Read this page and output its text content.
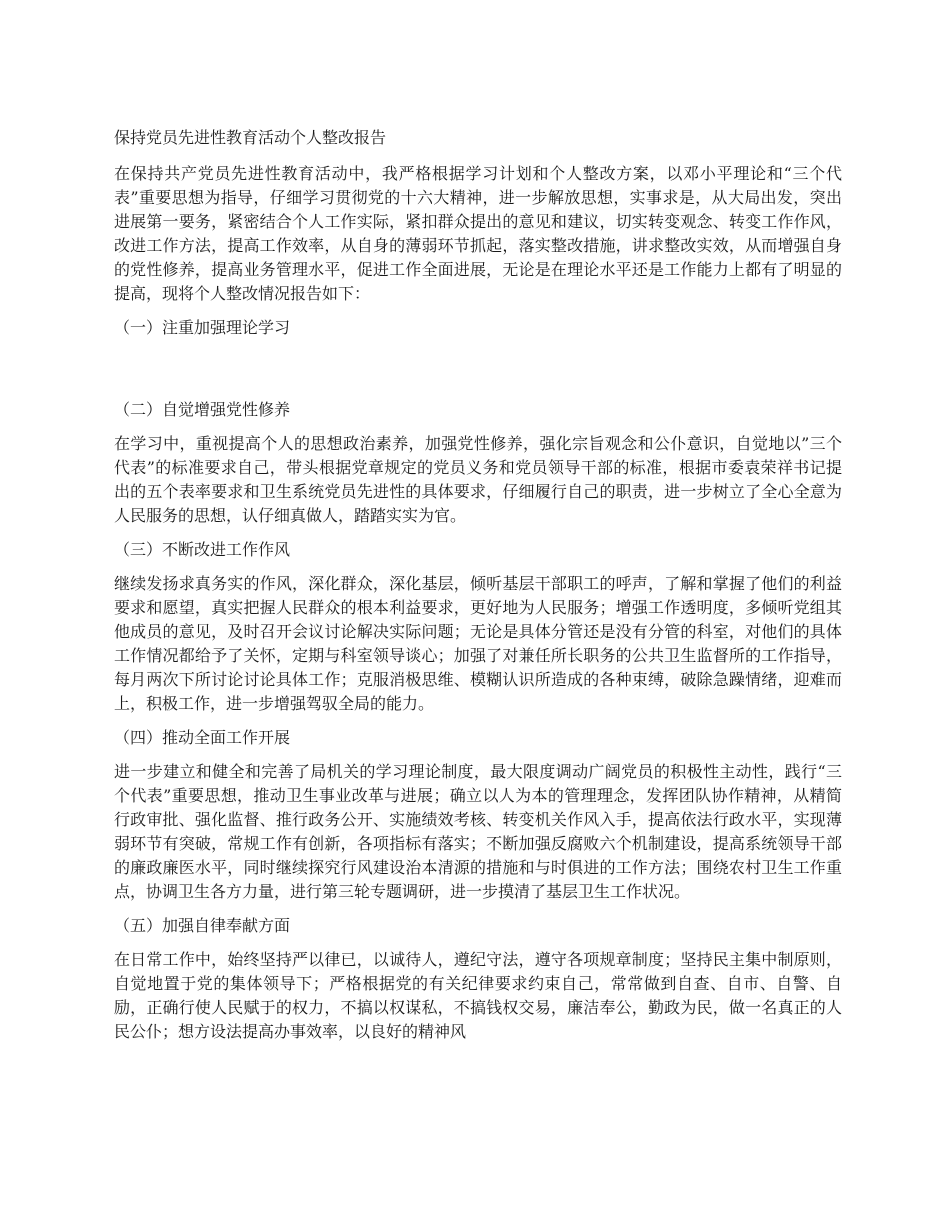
保持党员先进性教育活动个人整改报告
在保持共产党员先进性教育活动中，我严格根据学习计划和个人整改方案，以邓小平理论和“三个代表”重要思想为指导，仔细学习贯彻党的十六大精神，进一步解放思想，实事求是，从大局出发，突出进展第一要务，紧密结合个人工作实际，紧扣群众提出的意见和建议，切实转变观念、转变工作作风，改进工作方法，提高工作效率，从自身的薄弱环节抓起，落实整改措施，讲求整改实效，从而增强自身的党性修养，提高业务管理水平，促进工作全面进展，无论是在理论水平还是工作能力上都有了明显的提高，现将个人整改情况报告如下：
（一）注重加强理论学习
（二）自觉增强党性修养
在学习中，重视提高个人的思想政治素养，加强党性修养，强化宗旨观念和公仆意识，自觉地以”三个代表”的标准要求自己，带头根据党章规定的党员义务和党员领导干部的标准，根据市委袁荣祥书记提出的五个表率要求和卫生系统党员先进性的具体要求，仔细履行自己的职责，进一步树立了全心全意为人民服务的思想，认仔细真做人，踏踏实实为官。
（三）不断改进工作作风
继续发扬求真务实的作风，深化群众，深化基层，倾听基层干部职工的呼声，了解和掌握了他们的利益要求和愿望，真实把握人民群众的根本利益要求，更好地为人民服务；增强工作透明度，多倾听党组其他成员的意见，及时召开会议讨论解决实际问题；无论是具体分管还是没有分管的科室，对他们的具体工作情况都给予了关怀，定期与科室领导谈心；加强了对兼任所长职务的公共卫生监督所的工作指导，每月两次下所讨论讨论具体工作；克服消极思维、模糊认识所造成的各种束缚，破除急躁情绪，迎难而上，积极工作，进一步增强驾驭全局的能力。
（四）推动全面工作开展
进一步建立和健全和完善了局机关的学习理论制度，最大限度调动广阔党员的积极性主动性，践行“三个代表”重要思想，推动卫生事业改革与进展；确立以人为本的管理理念，发挥团队协作精神，从精简行政审批、强化监督、推行政务公开、实施绩效考核、转变机关作风入手，提高依法行政水平，实现薄弱环节有突破，常规工作有创新，各项指标有落实；不断加强反腐败六个机制建设，提高系统领导干部的廉政廉医水平，同时继续探究行风建设治本清源的措施和与时俱进的工作方法；围绕农村卫生工作重点，协调卫生各方力量，进行第三轮专题调研，进一步摸清了基层卫生工作状况。
（五）加强自律奉献方面
在日常工作中，始终坚持严以律已，以诚待人，遵纪守法，遵守各项规章制度；坚持民主集中制原则，自觉地置于党的集体领导下；严格根据党的有关纪律要求约束自己，常常做到自查、自市、自警、自励，正确行使人民赋于的权力，不搞以权谋私，不搞钱权交易，廉洁奉公，勤政为民，做一名真正的人民公仆；想方设法提高办事效率，以良好的精神风
